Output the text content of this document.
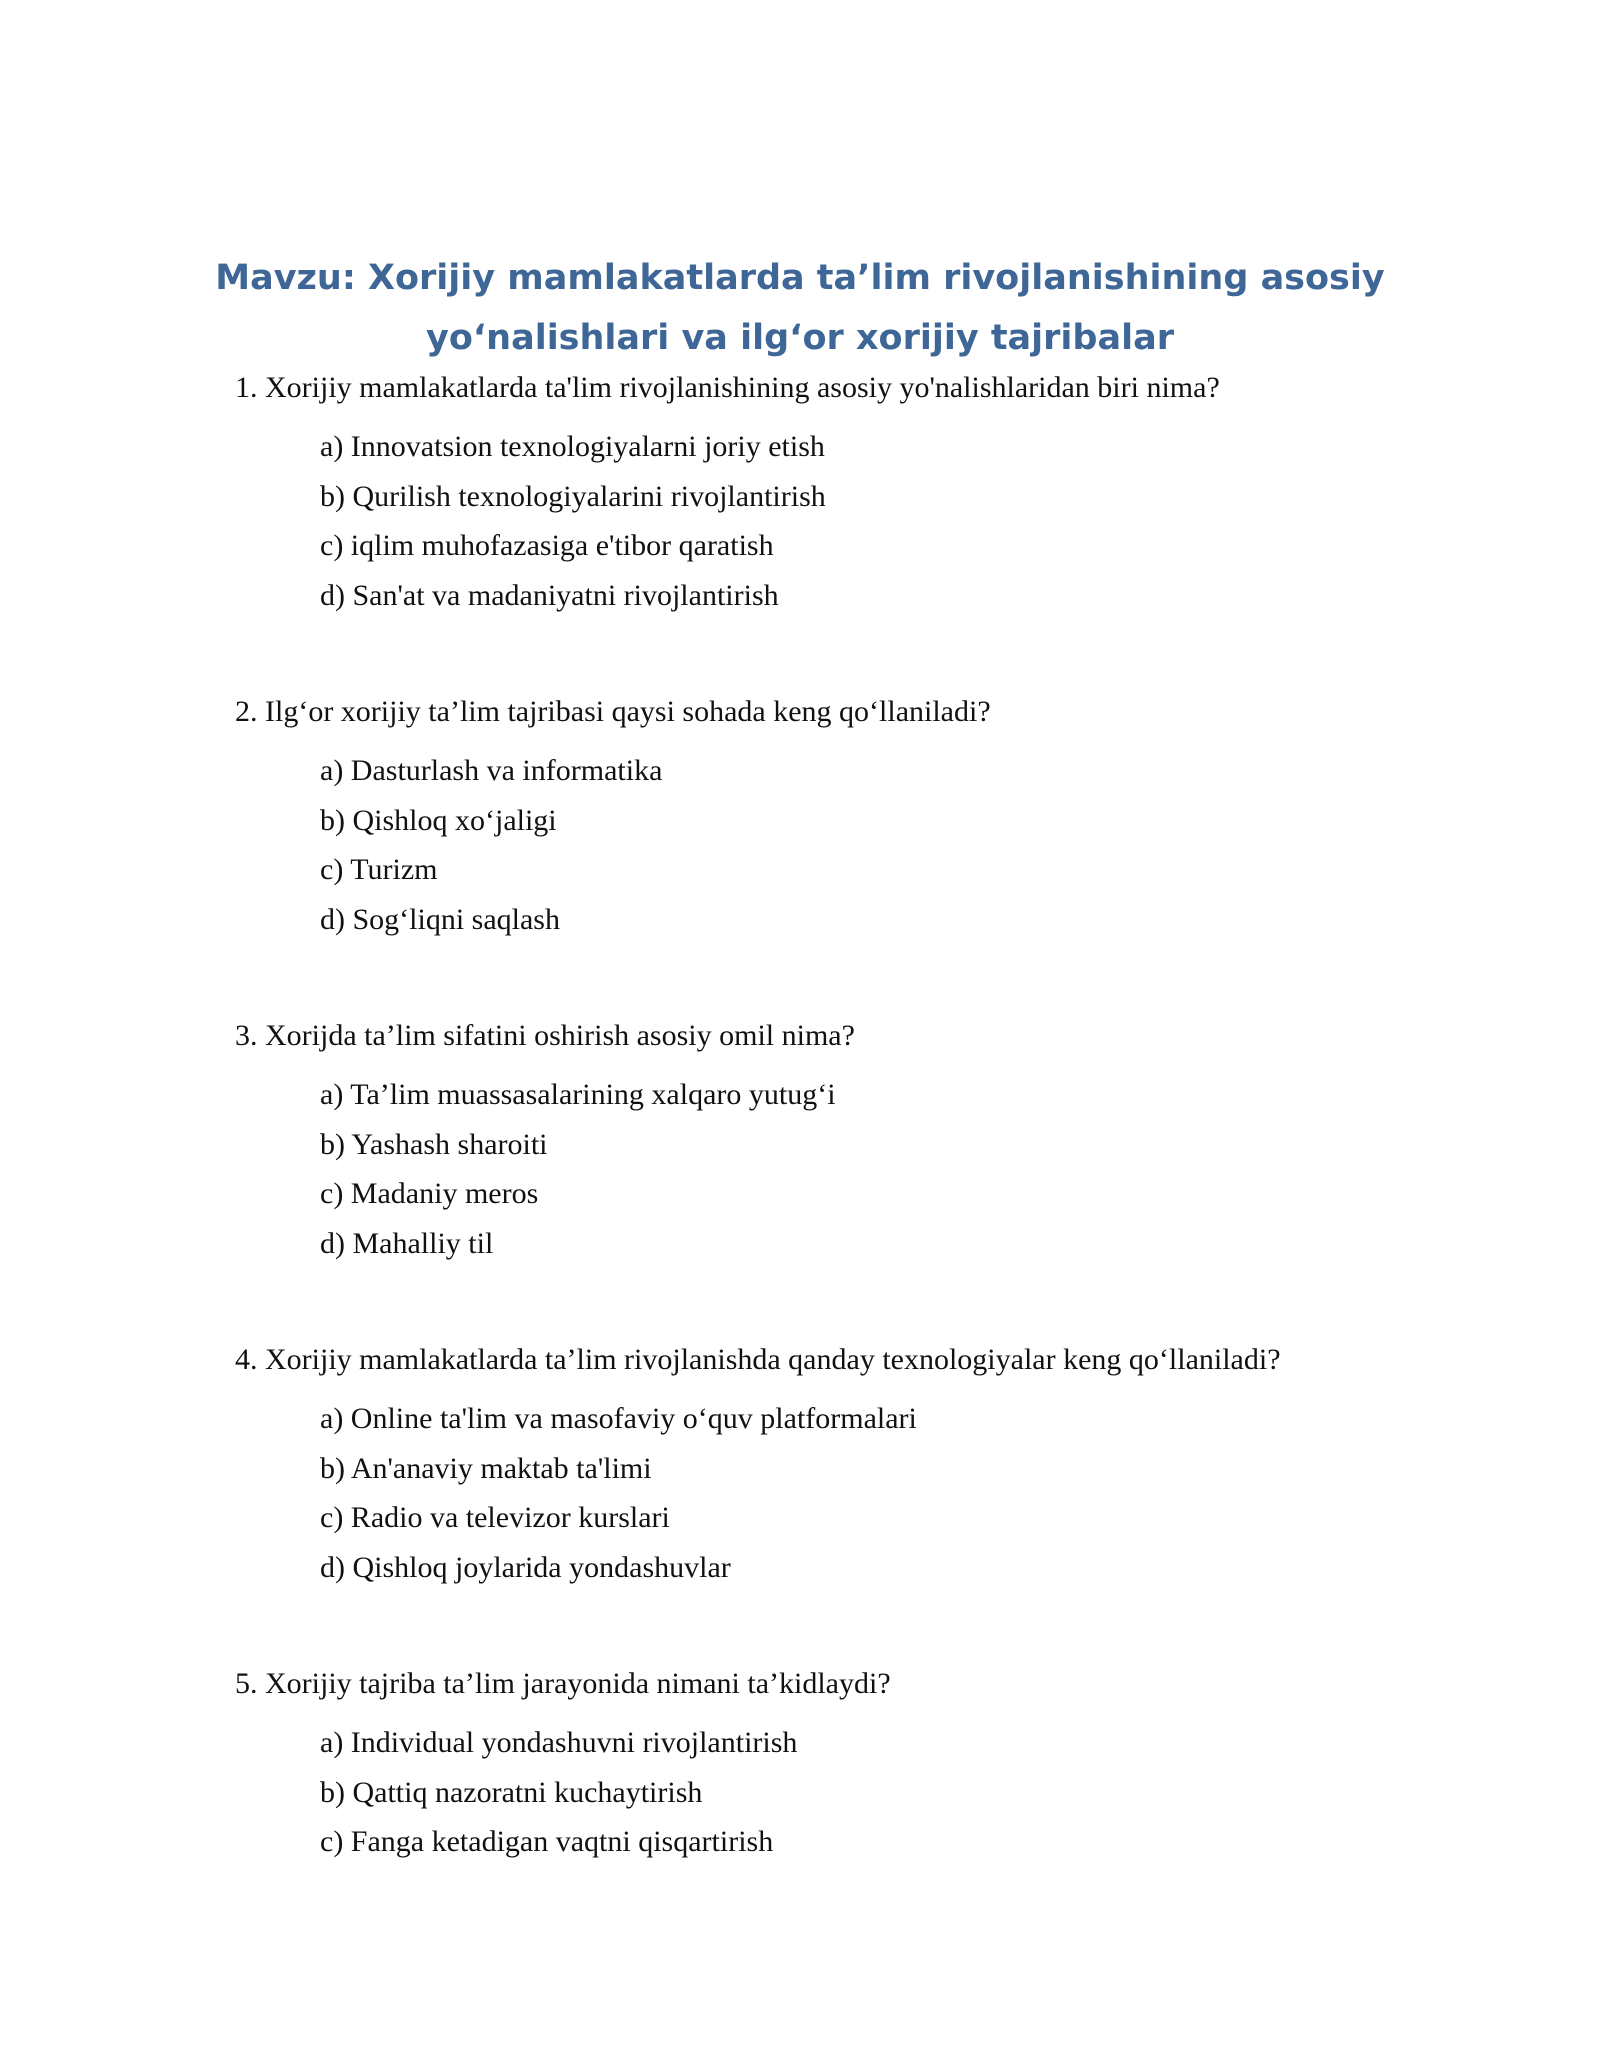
Mavzu: Xorijiy mamlakatlarda ta’lim rivojlanishining asosiy
yo‘nalishlari va ilg‘or xorijiy tajribalar
1. Xorijiy mamlakatlarda ta'lim rivojlanishining asosiy yo'nalishlaridan biri nima?
a) Innovatsion texnologiyalarni joriy etish
b) Qurilish texnologiyalarini rivojlantirish
c) iqlim muhofazasiga e'tibor qaratish
d) San'at va madaniyatni rivojlantirish
2. Ilg‘or xorijiy ta’lim tajribasi qaysi sohada keng qo‘llaniladi?
a) Dasturlash va informatika
b) Qishloq xo‘jaligi
c) Turizm
d) Sog‘liqni saqlash
3. Xorijda ta’lim sifatini oshirish asosiy omil nima?
a) Ta’lim muassasalarining xalqaro yutug‘i
b) Yashash sharoiti
c) Madaniy meros
d) Mahalliy til
4. Xorijiy mamlakatlarda ta’lim rivojlanishda qanday texnologiyalar keng qo‘llaniladi?
a) Online ta'lim va masofaviy o‘quv platformalari
b) An'anaviy maktab ta'limi
c) Radio va televizor kurslari
d) Qishloq joylarida yondashuvlar
5. Xorijiy tajriba ta’lim jarayonida nimani ta’kidlaydi?
a) Individual yondashuvni rivojlantirish
b) Qattiq nazoratni kuchaytirish
c) Fanga ketadigan vaqtni qisqartirish
